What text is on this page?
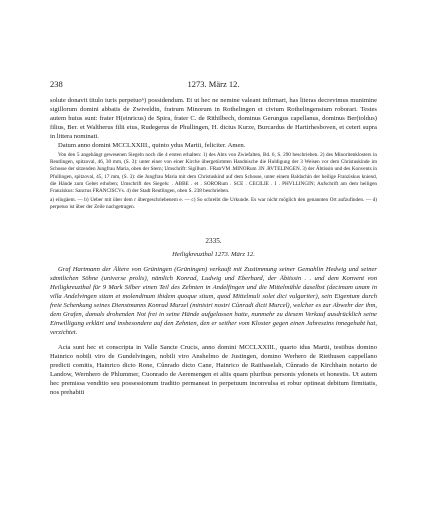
238	1273. März 12.

solute donavit titulo iuris perpetuo⁶) possidendum. Et ut hec ne nemine valeant infirmari, has literas decrevimus munimine sigillorum domini abbatis de Zwiveldin, fratrum Minorum in Rothelingen et civium Rothelingensium roborari. Testes autem huius sunt: frater H(einricus) de Spira, frater C. de Rithilbech, dominus Gerungus capellanus, dominus Ber(toldus) filius, Ber. et Waltherus filii eius, Rudegerus de Phullingen, H. dictus Kurze, Burcardus de Hartirhesboven, et ceteri supra in littera nominati.

Datum anno domini MCCLXXIII., quinto ydus Martii, feliciter. Amen.

Von den 5 angehängt gewesenen Siegeln noch die 4 ersten erhalten: 1) des Abts von Zwiefalten, Bd. 6, S. 290 beschrieben. 2) des Minoritenklosters in Reutlingen, spitzoval, 46, 30 mm, (S. 3): unter einer von einer Kirche übergetürmten Handnische die Huldigung der 3 Weisen vor dem Christuskinde im Schosse der sitzenden Jungfrau Maria, oben der Stern; Umschrift: Sigillum . FRatrVM .MINORum .IN .RVTELINGEN. 3) der Äbtissin und des Konvents in Pfullingen, spitzoval, 45, 17 mm, (S. 3): die Jungfrau Maria mit dem Christuskind auf dem Schosse, unter einem Baldachin der heilige Franziskus kniend, die Hände zum Gebet erhoben; Umschrift des Siegels: . ABBE . et . SORORum . SCE . CECILIE . I . PHVLLINGIN; Aufschrift am dem heiligen Franziskus: Sanctus FRANCISCVs. 4) der Stadt Reutlingen, oben S. 238 beschrieben.

a) eilogâem. — b) Ueber mit über dem r übergeschriebenem e. — c) So schreibt die Urkunde. Es war nicht möglich den genannten Ort aufzufinden. — d) perpetuo ist über der Zeile nachgetragen.

2335.
Heiligkreuzthal 1273. März 12.

Graf Hartmann der Ältere von Grüningen (Grüningen) verkauft mit Zustimmung seiner Gemahlin Hedwig und seiner sämtlichen Söhne (universe prolis), nämlich Konrad, Ludwig und Eberhard, der Äbtissin . . und dem Konvent von Heiligkreuzthal für 9 Mark Silber einen Teil des Zehnten in Andelfingen und die Mittelmühle daselbst (decimam unam in villa Andelvingen sitam et molendinum ibidem quoque situm, quod Mittelmuli solet dici vulgariter), sein Eigentum durch freie Schenkung seines Dienstmanns Konrad Murzel (ministri nostri Cůnradi dicti Murcel), welcher es zur Abwehr der ihm, dem Grafen, damals drohenden Not frei in seine Hände aufgelassen hatte, nunmehr zu diesem Verkauf ausdrücklich seine Einwilligung erklärt und insbesondere auf den Zehnten, den er seither vom Kloster gegen einen Jahreszins innegehabt hat, verzichtet.

Acta sunt hec et conscripta in Valle Sancte Crucis, anno domini MCCLXXIII., quarto idus Martii, testibus domino Hainrico nobili viro de Gundelvingen, nobili viro Anshelmo de Justingen, domino Werhero de Riethusen cappellano predicti comitis, Hainrico dicto Rone, Cůnrado dicto Cane, Hainrico de Raithaselah, Cůnrado de Kirchhain notario de Landow, Wernhero de Phlummer, Cuonrado de Aeremengen et aliis quam pluribus personis ydoneis et honestis. Ut autem hec premissa venditio seu possessionum traditio permaneat in perpetuum inconvulsa et robur optineat debitum firmitatis, nos prehabiti
